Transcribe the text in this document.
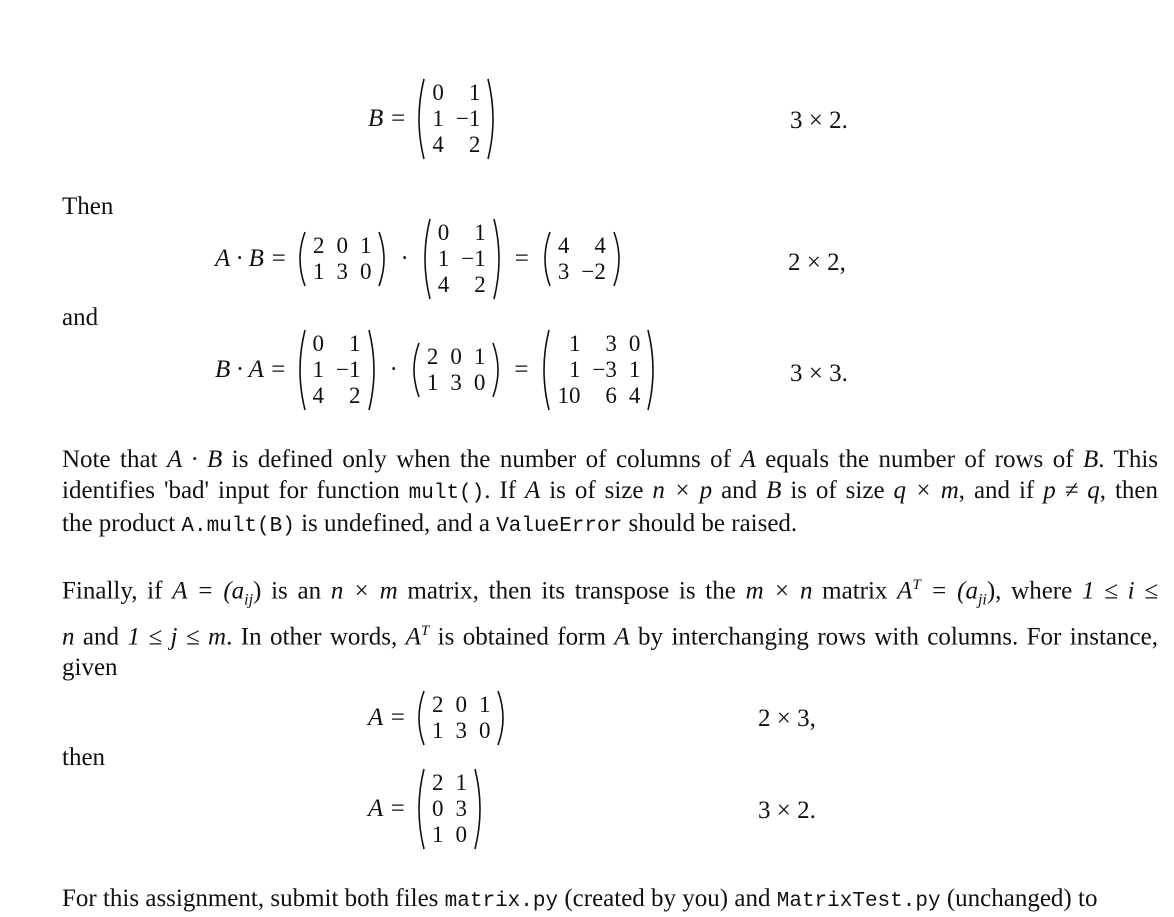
B =
0	1
1	−1
4	2
3 × 2.
Then
A · B = 2	0	1
1	3	0 ·
0	1
1	−1
4	2
= 4	4
3	−2	2 × 2,
and
B · A =
0	1
1	−1
4	2
· 2	0	1
1	3	0 =
1	3	0
1	−3	1
10	6	4
3 × 3.
Note that A · B is defined only when the number of columns of A equals the number of rows of B. This
identifies 'bad' input for function mult(). If A is of size n × p and B is of size q × m, and if p ≠ q, then
the product A.mult(B) is undefined, and a ValueError should be raised.
Finally, if $A = (a_{ij})$ is an n × m matrix, then its transpose is the m × n matrix $A^T = (a_{ji})$, where 1 ≤ i ≤
n and 1 ≤ j ≤ m. In other words, $A^T$ is obtained form A by interchanging rows with columns. For instance,
given
A = 2	0	1
1	3	0	2 × 3,
then
A =
2	1
0	3
1	0
3 × 2.
For this assignment, submit both files matrix.py (created by you) and MatrixTest.py (unchanged) to
